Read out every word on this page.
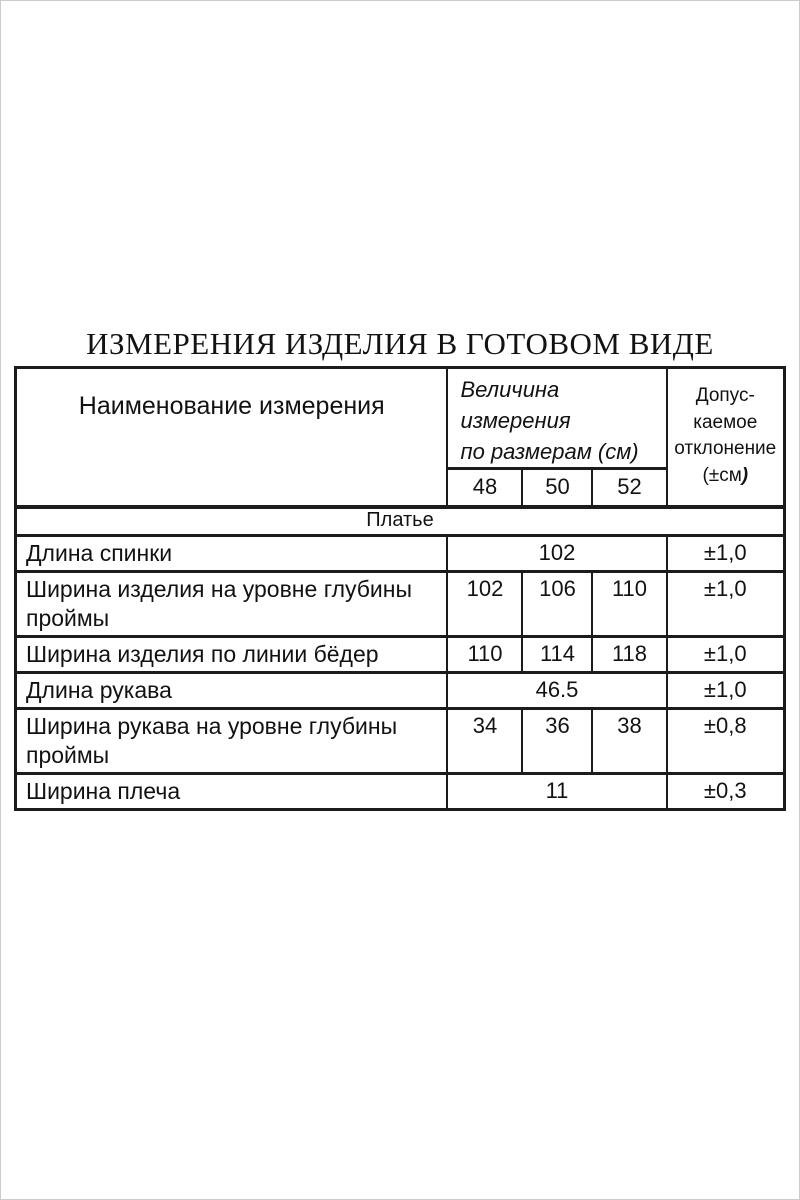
ИЗМЕРЕНИЯ ИЗДЕЛИЯ В ГОТОВОМ ВИДЕ
Наименование измерения	
Величина измерения
по размерам (см)

Допус-
каемое
отклонение
(±см)

	48	50	52	
Платье				
Длина спинки	102			±1,0
Ширина изделия на уровне глубины проймы	102	106	110	±1,0
Ширина изделия по линии бёдер	110	114	118	±1,0
Длина рукава	46.5			±1,0
Ширина рукава на уровне глубины проймы	34	36	38	±0,8
Ширина плеча	11			±0,3
